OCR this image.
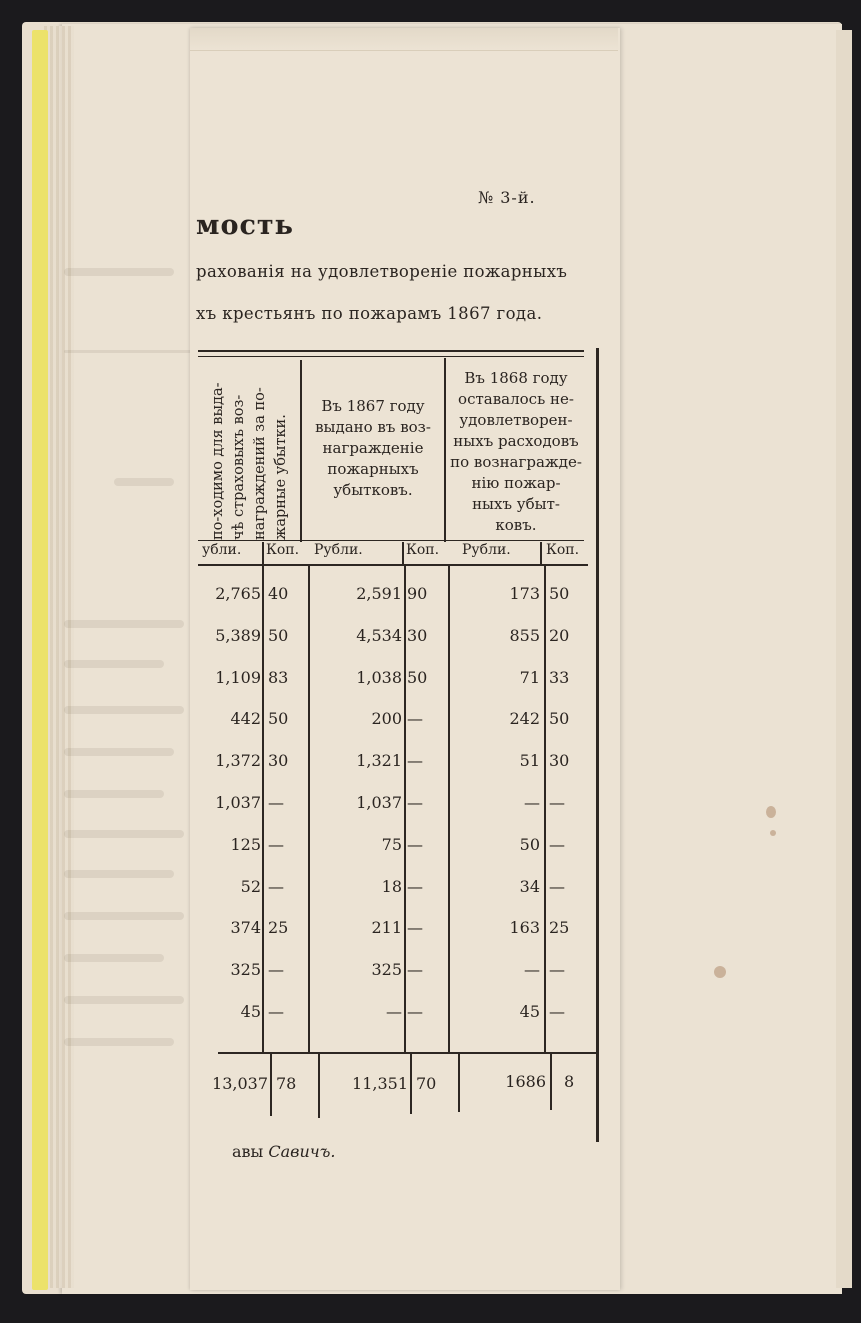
№ 3-й.
мость
рахованія на удовлетвореніе пожарныхъ
хъ крестьянъ по пожарамъ 1867 года.
по-ходимо для выда- чѣ страховыхъ воз- награждений за по- жарные убытки.
Въ 1867 году
выдано въ воз-
награжденіе
пожарныхъ
убытковъ.
Въ 1868 году
оставалось не-
удовлетворен-
ныхъ расходовъ
по вознагражде-
нію пожар-
ныхъ убыт-
ковъ.
убли. Коп. Рубли.	Коп. Рубли.	Коп.
2,765 40	2,591 90	173 50
5,389 50	4,534 30	855 20
1,109 83	1,038 50	71 33
442 50	200 —	242 50
1,372 30	1,321 —	51 30
1,037 —	1,037 —	— —
125 —	75 —	50 —
52 —	18 —	34 —
374 25	211 —	163 25
325 —	325 —	— —
45 —	— —	45 —
13,037 78	11,351 70	1686 8
авы Савичъ.
